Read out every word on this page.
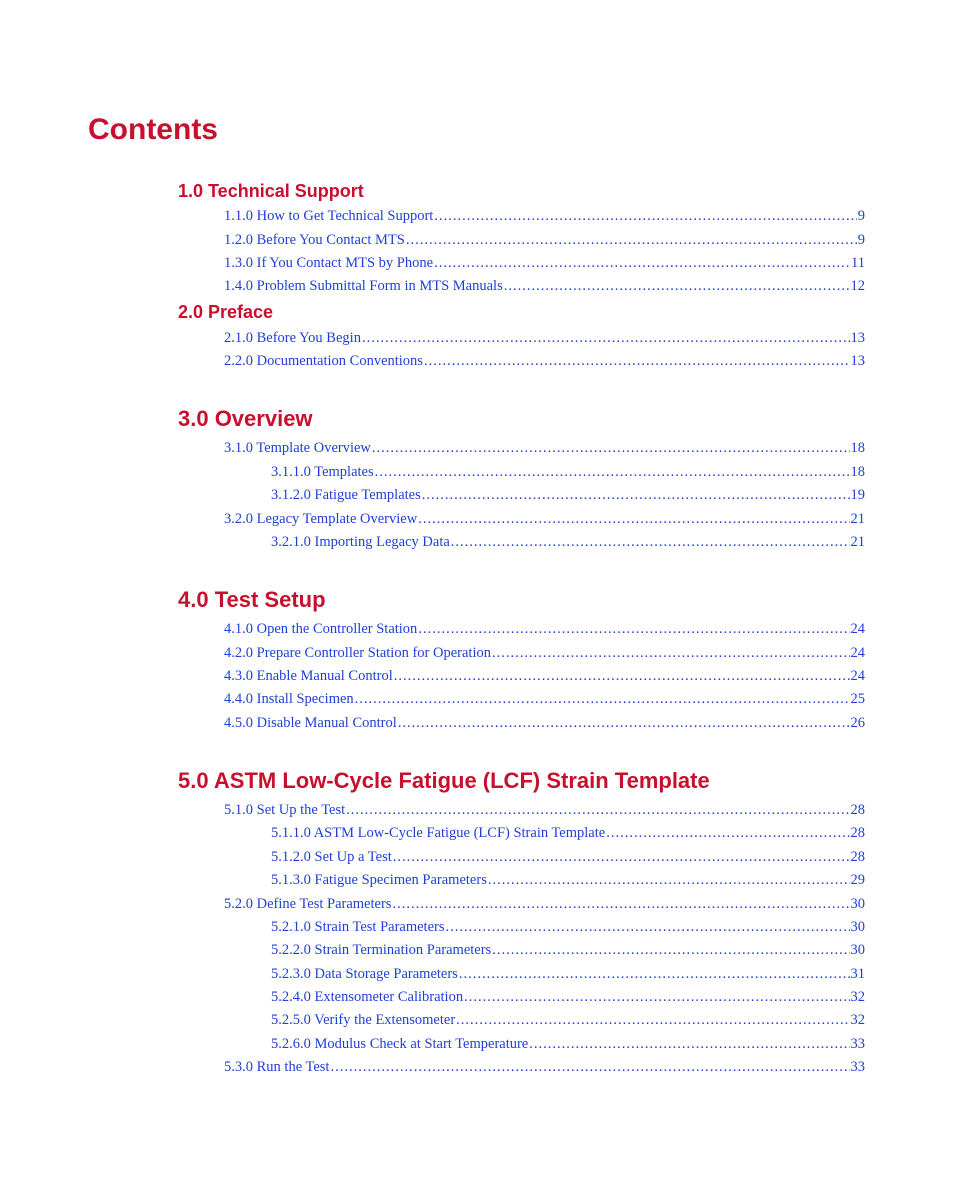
Contents
1.0 Technical Support
1.1.0 How to Get Technical Support .....	9
1.2.0 Before You Contact MTS .....	9
1.3.0 If You Contact MTS by Phone .....	11
1.4.0 Problem Submittal Form in MTS Manuals .....	12
2.0 Preface
2.1.0 Before You Begin .....	13
2.2.0 Documentation Conventions .....	13
3.0 Overview
3.1.0 Template Overview .....	18
3.1.1.0 Templates .....	18
3.1.2.0 Fatigue Templates .....	19
3.2.0 Legacy Template Overview .....	21
3.2.1.0 Importing Legacy Data .....	21
4.0 Test Setup
4.1.0 Open the Controller Station .....	24
4.2.0 Prepare Controller Station for Operation .....	24
4.3.0 Enable Manual Control .....	24
4.4.0 Install Specimen .....	25
4.5.0 Disable Manual Control .....	26
5.0 ASTM Low-Cycle Fatigue (LCF) Strain Template
5.1.0 Set Up the Test .....	28
5.1.1.0 ASTM Low-Cycle Fatigue (LCF) Strain Template .....	28
5.1.2.0 Set Up a Test .....	28
5.1.3.0 Fatigue Specimen Parameters .....	29
5.2.0 Define Test Parameters .....	30
5.2.1.0 Strain Test Parameters .....	30
5.2.2.0 Strain Termination Parameters .....	30
5.2.3.0 Data Storage Parameters .....	31
5.2.4.0 Extensometer Calibration .....	32
5.2.5.0 Verify the Extensometer .....	32
5.2.6.0 Modulus Check at Start Temperature .....	33
5.3.0 Run the Test .....	33
